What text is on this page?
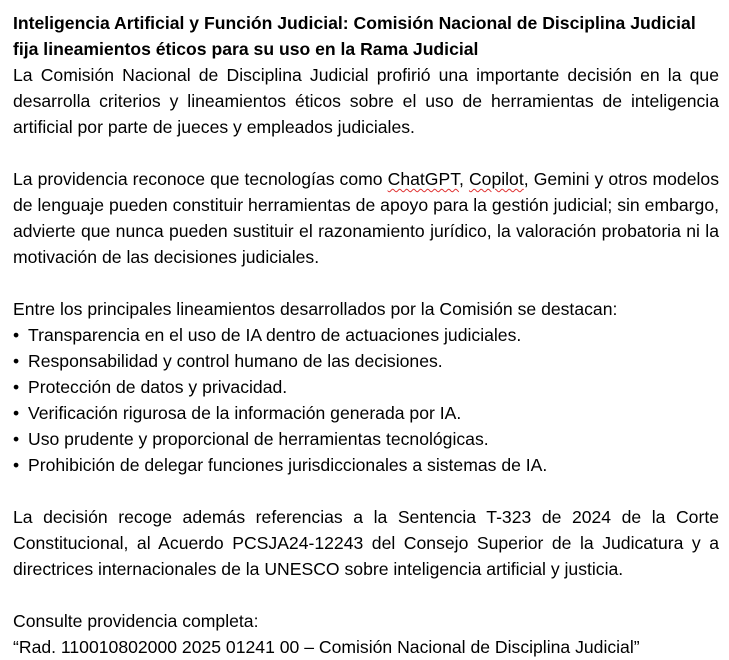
Inteligencia Artificial y Función Judicial: Comisión Nacional de Disciplina Judicial fija lineamientos éticos para su uso en la Rama Judicial

La Comisión Nacional de Disciplina Judicial profirió una importante decisión en la que desarrolla criterios y lineamientos éticos sobre el uso de herramientas de inteligencia artificial por parte de jueces y empleados judiciales.

La providencia reconoce que tecnologías como ChatGPT, Copilot, Gemini y otros modelos de lenguaje pueden constituir herramientas de apoyo para la gestión judicial; sin embargo, advierte que nunca pueden sustituir el razonamiento jurídico, la valoración probatoria ni la motivación de las decisiones judiciales.

Entre los principales lineamientos desarrollados por la Comisión se destacan:

• Transparencia en el uso de IA dentro de actuaciones judiciales.
• Responsabilidad y control humano de las decisiones.
• Protección de datos y privacidad.
• Verificación rigurosa de la información generada por IA.
• Uso prudente y proporcional de herramientas tecnológicas.
• Prohibición de delegar funciones jurisdiccionales a sistemas de IA.

La decisión recoge además referencias a la Sentencia T-323 de 2024 de la Corte Constitucional, al Acuerdo PCSJA24-12243 del Consejo Superior de la Judicatura y a directrices internacionales de la UNESCO sobre inteligencia artificial y justicia.

Consulte providencia completa:

“Rad. 110010802000 2025 01241 00 – Comisión Nacional de Disciplina Judicial”
